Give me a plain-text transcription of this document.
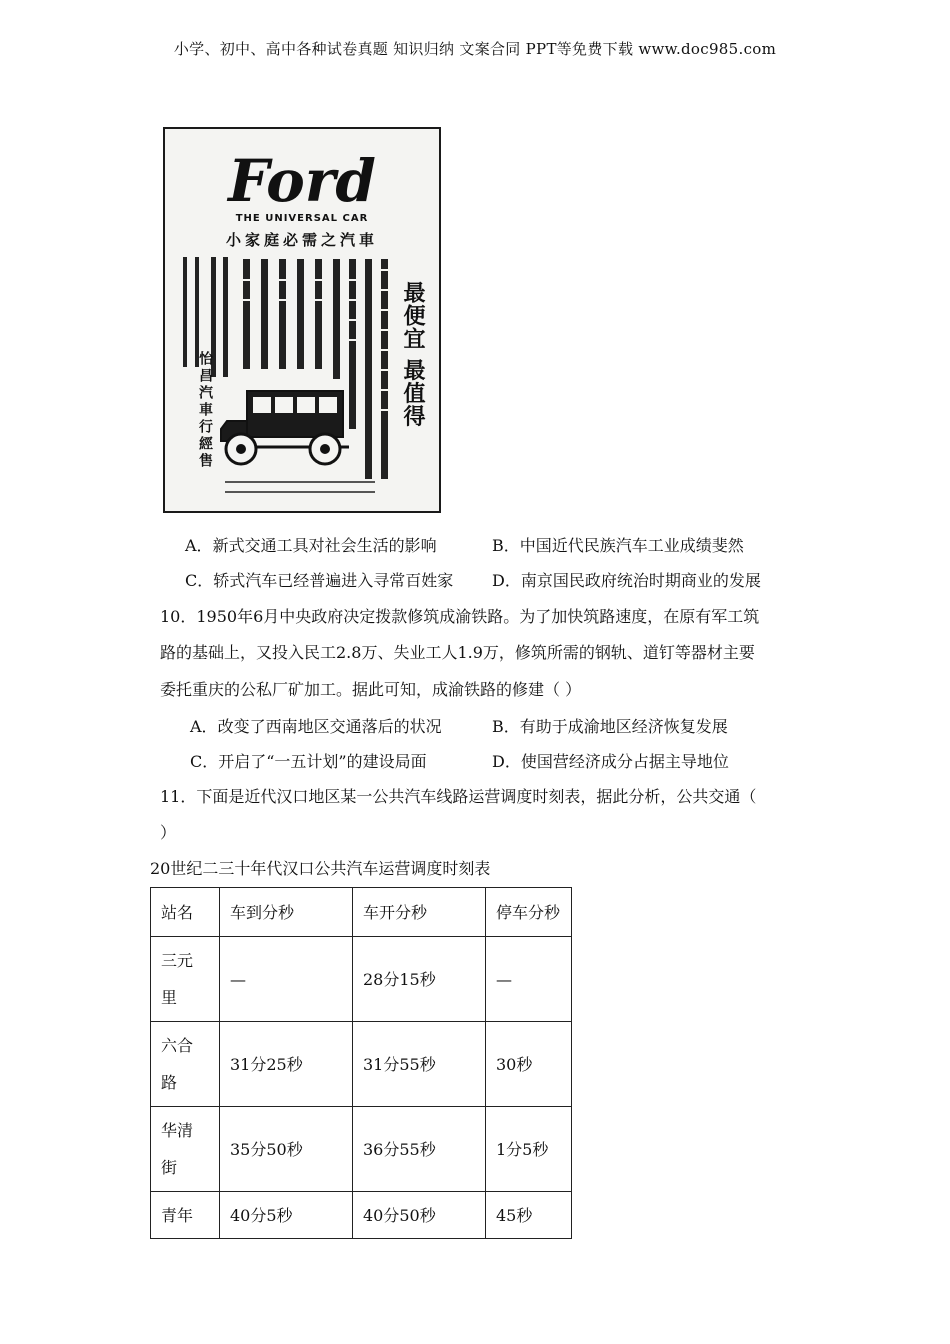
小学、初中、高中各种试卷真题 知识归纳 文案合同 PPT等免费下载 www.doc985.com
Ford
THE UNIVERSAL CAR
小家庭必需之汽車
最便宜 最值得
怡昌汽車行經售
A．新式交通工具对社会生活的影响	B．中国近代民族汽车工业成绩斐然
C．轿式汽车已经普遍进入寻常百姓家 D．南京国民政府统治时期商业的发展
10．1950年6月中央政府决定拨款修筑成渝铁路。为了加快筑路速度，在原有军工筑
路的基础上，又投入民工2.8万、失业工人1.9万，修筑所需的钢轨、道钉等器材主要
委托重庆的公私厂矿加工。据此可知，成渝铁路的修建（ ）
A．改变了西南地区交通落后的状况	B．有助于成渝地区经济恢复发展
C．开启了“一五计划”的建设局面	D．使国营经济成分占据主导地位
11．下面是近代汉口地区某一公共汽车线路运营调度时刻表，据此分析，公共交通（
）
20世纪二三十年代汉口公共汽车运营调度时刻表
站名	车到分秒	车开分秒	停车分秒
三元
里	—	28分15秒	—
六合
路	31分25秒	31分55秒	30秒
华清
街	35分50秒	36分55秒	1分5秒
青年	40分5秒	40分50秒	45秒
